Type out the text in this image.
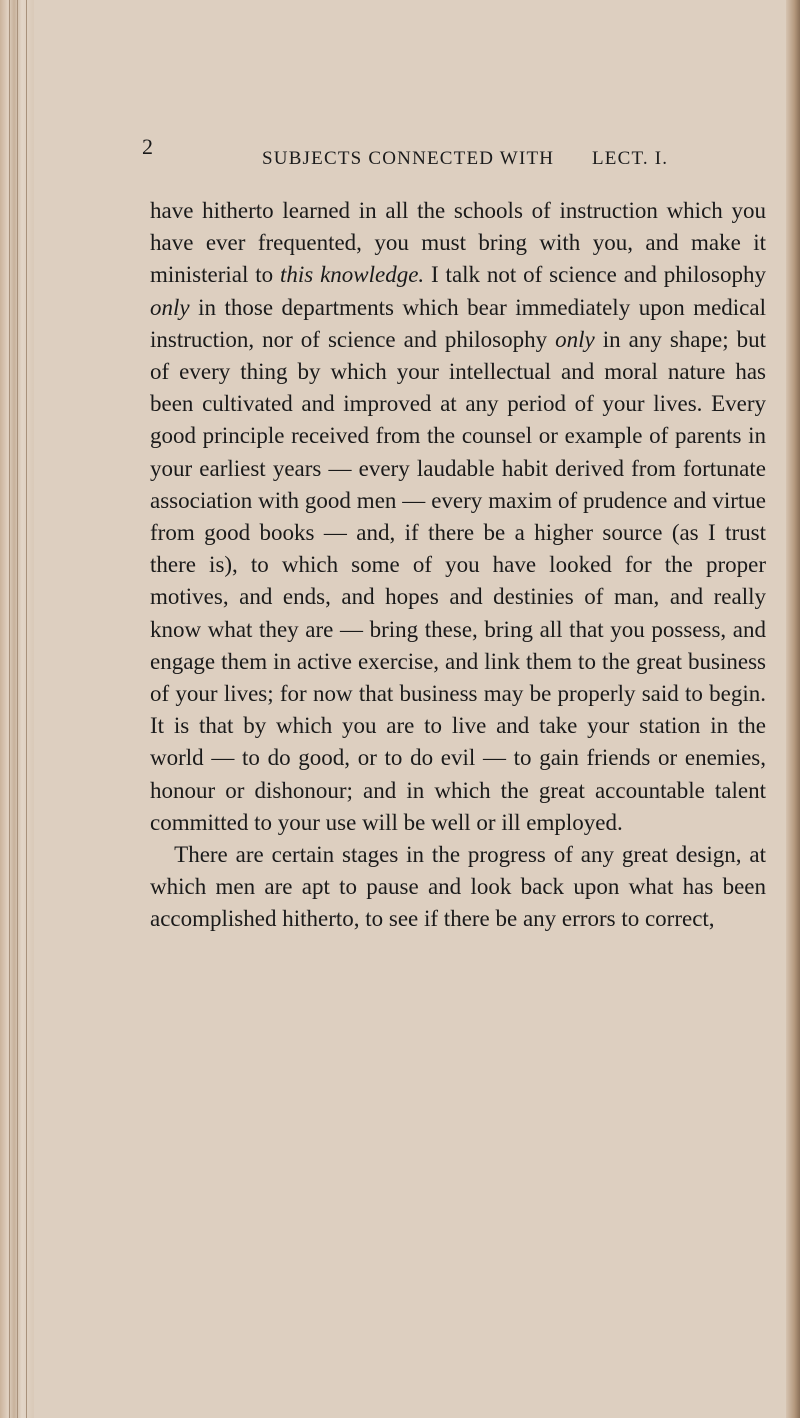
2	SUBJECTS CONNECTED WITH LECT. I.

have hitherto learned in all the schools of instruction which you have ever frequented, you must bring with you, and make it ministerial to this knowledge. I talk not of science and philosophy only in those departments which bear immediately upon medical instruction, nor of science and philosophy only in any shape; but of every thing by which your intellectual and moral nature has been cultivated and improved at any period of your lives. Every good principle received from the counsel or example of parents in your earliest years — every laudable habit derived from fortunate association with good men — every maxim of prudence and virtue from good books — and, if there be a higher source (as I trust there is), to which some of you have looked for the proper motives, and ends, and hopes and destinies of man, and really know what they are — bring these, bring all that you possess, and engage them in active exercise, and link them to the great business of your lives; for now that business may be properly said to begin. It is that by which you are to live and take your station in the world — to do good, or to do evil — to gain friends or enemies, honour or dishonour; and in which the great accountable talent committed to your use will be well or ill employed.

There are certain stages in the progress of any great design, at which men are apt to pause and look back upon what has been accomplished hitherto, to see if there be any errors to correct,
